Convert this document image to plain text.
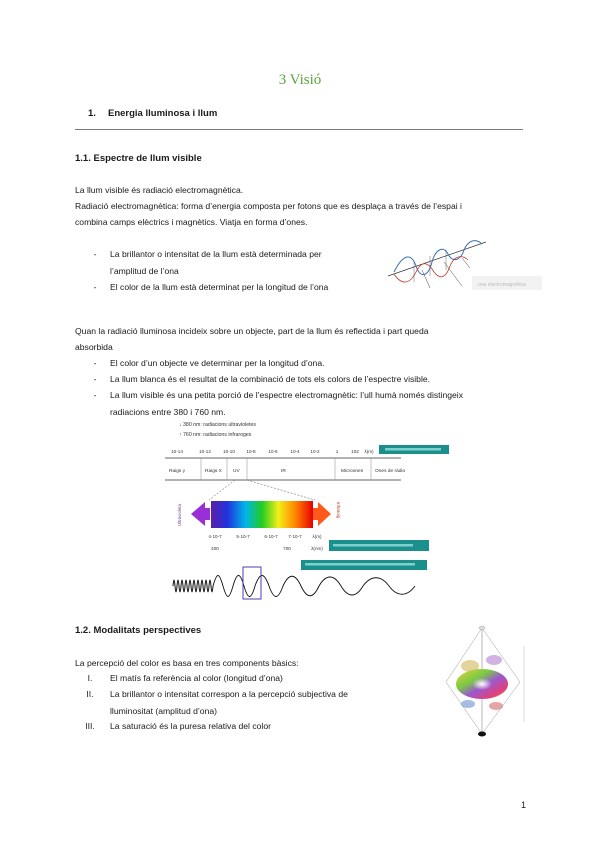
3 Visió
1. Energia lluminosa i llum
1.1. Espectre de llum visible
La llum visible és radiació electromagnètica.
Radiació electromagnètica: forma d’energia composta per fotons que es desplaça a través de l’espai i
combina camps elèctrics i magnètics. Viatja en forma d’ones.
-	La brillantor o intensitat de la llum està determinada per
l’amplitud de l’ona
-	El color de la llum està determinat per la longitud de l’ona	ona electromagnètica
Quan la radiació lluminosa incideix sobre un objecte, part de la llum és reflectida i part queda
absorbida
-	El color d’un objecte ve determinar per la longitud d’ona.
-	La llum blanca és el resultat de la combinació de tots els colors de l’espectre visible.
-	La llum visible és una petita porció de l’espectre electromagnètic: l’ull humà només distingeix
radiacions entre 380 i 760 nm.
↓ 380 nm: radiacions ultravioletes
↑ 760 nm: radiacions infraroges
10-14	10-12	10-10	10-8	10-6	10-4 10-2	1	102 λ(m)
Raigs γ	Raigs X UV	IR	Microones Ones de ràdio
Ultravioleta	Infraroig
4·10-7	5·10-7	6·10-7 7·10-7 λ(m)
400	700	λ(nm)
1.2. Modalitats perspectives
La percepció del color es basa en tres components bàsics:
I.	El matís fa referència al color (longitud d’ona)
II.	La brillantor o intensitat correspon a la percepció subjectiva de
lluminositat (amplitud d’ona)
III.	La saturació és la puresa relativa del color
1
